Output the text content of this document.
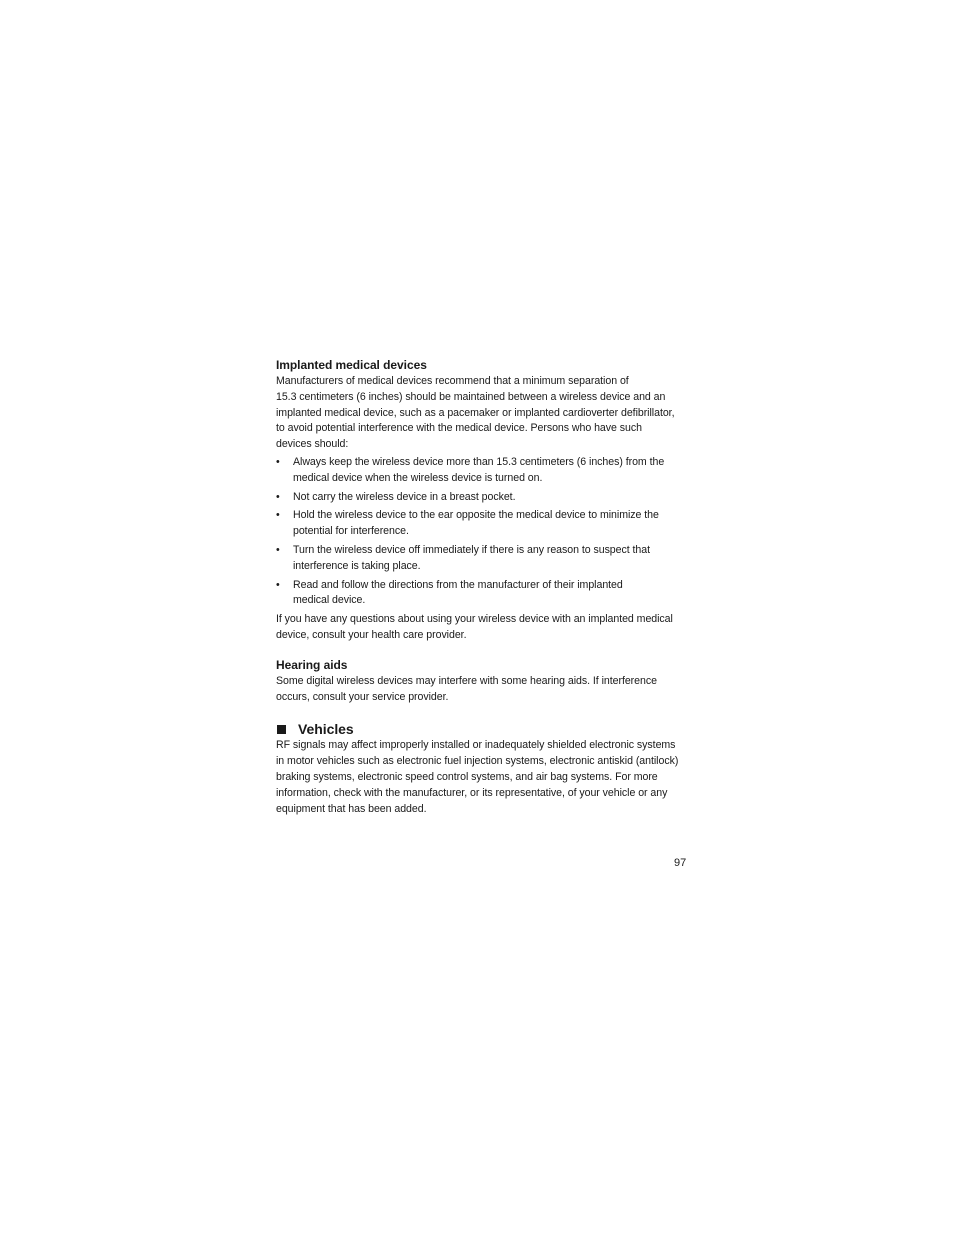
Implanted medical devices

Manufacturers of medical devices recommend that a minimum separation of
15.3 centimeters (6 inches) should be maintained between a wireless device and an
implanted medical device, such as a pacemaker or implanted cardioverter defibrillator,
to avoid potential interference with the medical device. Persons who have such
devices should:

• Always keep the wireless device more than 15.3 centimeters (6 inches) from the
medical device when the wireless device is turned on.
• Not carry the wireless device in a breast pocket.
• Hold the wireless device to the ear opposite the medical device to minimize the
potential for interference.
• Turn the wireless device off immediately if there is any reason to suspect that
interference is taking place.
• Read and follow the directions from the manufacturer of their implanted
medical device.

If you have any questions about using your wireless device with an implanted medical
device, consult your health care provider.

Hearing aids

Some digital wireless devices may interfere with some hearing aids. If interference
occurs, consult your service provider.

Vehicles

RF signals may affect improperly installed or inadequately shielded electronic systems
in motor vehicles such as electronic fuel injection systems, electronic antiskid (antilock)
braking systems, electronic speed control systems, and air bag systems. For more
information, check with the manufacturer, or its representative, of your vehicle or any
equipment that has been added.

97
